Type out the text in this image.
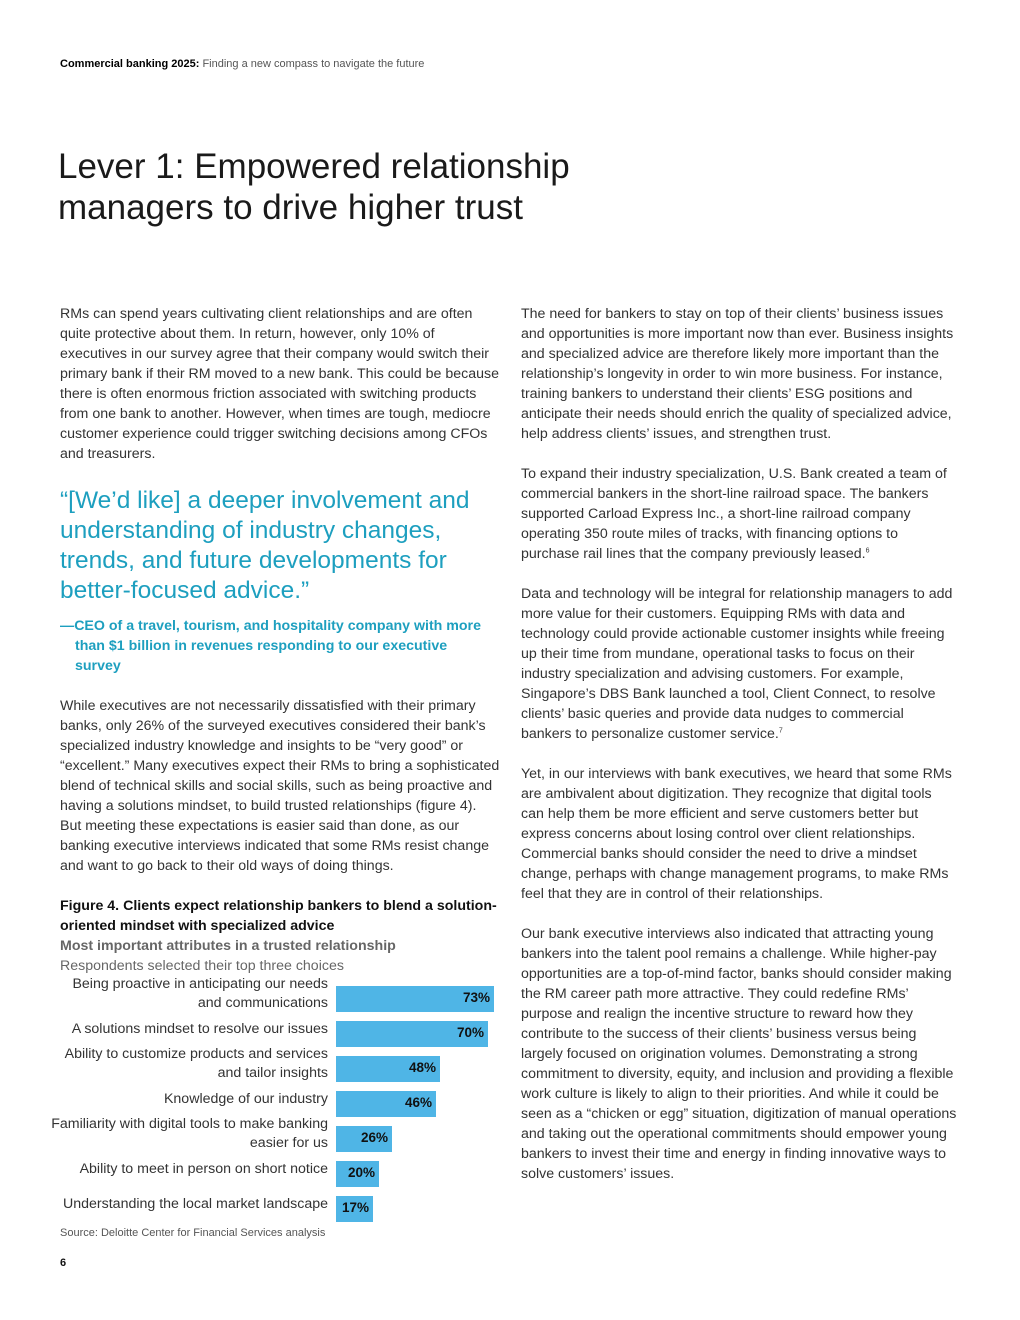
Commercial banking 2025: Finding a new compass to navigate the future
Lever 1: Empowered relationship managers to drive higher trust

RMs can spend years cultivating client relationships and are often quite protective about them. In return, however, only 10% of executives in our survey agree that their company would switch their primary bank if their RM moved to a new bank. This could be because there is often enormous friction associated with switching products from one bank to another. However, when times are tough, mediocre customer experience could trigger switching decisions among CFOs and treasurers.

“[We’d like] a deeper involvement and understanding of industry changes, trends, and future developments for better-focused advice.”
—CEO of a travel, tourism, and hospitality company with more than $1 billion in revenues responding to our executive survey

While executives are not necessarily dissatisfied with their primary banks, only 26% of the surveyed executives considered their bank’s specialized industry knowledge and insights to be “very good” or “excellent.” Many executives expect their RMs to bring a sophisticated blend of technical skills and social skills, such as being proactive and having a solutions mindset, to build trusted relationships (figure 4). But meeting these expectations is easier said than done, as our banking executive interviews indicated that some RMs resist change and want to go back to their old ways of doing things.

Figure 4. Clients expect relationship bankers to blend a solution-oriented mindset with specialized advice
Most important attributes in a trusted relationship
Respondents selected their top three choices
Being proactive in anticipating our needs and communications	73%
A solutions mindset to resolve our issues	70%
Ability to customize products and services and tailor insights	48%
Knowledge of our industry	46%
Familiarity with digital tools to make banking easier for us 26%
Ability to meet in person on short notice 20%
Understanding the local market landscape 17%
Source: Deloitte Center for Financial Services analysis

The need for bankers to stay on top of their clients’ business issues and opportunities is more important now than ever. Business insights and specialized advice are therefore likely more important than the relationship’s longevity in order to win more business. For instance, training bankers to understand their clients’ ESG positions and anticipate their needs should enrich the quality of specialized advice, help address clients’ issues, and strengthen trust.

To expand their industry specialization, U.S. Bank created a team of commercial bankers in the short-line railroad space. The bankers supported Carload Express Inc., a short-line railroad company operating 350 route miles of tracks, with financing options to purchase rail lines that the company previously leased.$^6$

Data and technology will be integral for relationship managers to add more value for their customers. Equipping RMs with data and technology could provide actionable customer insights while freeing up their time from mundane, operational tasks to focus on their industry specialization and advising customers. For example, Singapore’s DBS Bank launched a tool, Client Connect, to resolve clients’ basic queries and provide data nudges to commercial bankers to personalize customer service.$^7$

Yet, in our interviews with bank executives, we heard that some RMs are ambivalent about digitization. They recognize that digital tools can help them be more efficient and serve customers better but express concerns about losing control over client relationships. Commercial banks should consider the need to drive a mindset change, perhaps with change management programs, to make RMs feel that they are in control of their relationships.

Our bank executive interviews also indicated that attracting young bankers into the talent pool remains a challenge. While higher-pay opportunities are a top-of-mind factor, banks should consider making the RM career path more attractive. They could redefine RMs’ purpose and realign the incentive structure to reward how they contribute to the success of their clients’ business versus being largely focused on origination volumes. Demonstrating a strong commitment to diversity, equity, and inclusion and providing a flexible work culture is likely to align to their priorities. And while it could be seen as a “chicken or egg” situation, digitization of manual operations and taking out the operational commitments should empower young bankers to invest their time and energy in finding innovative ways to solve customers’ issues.

6
